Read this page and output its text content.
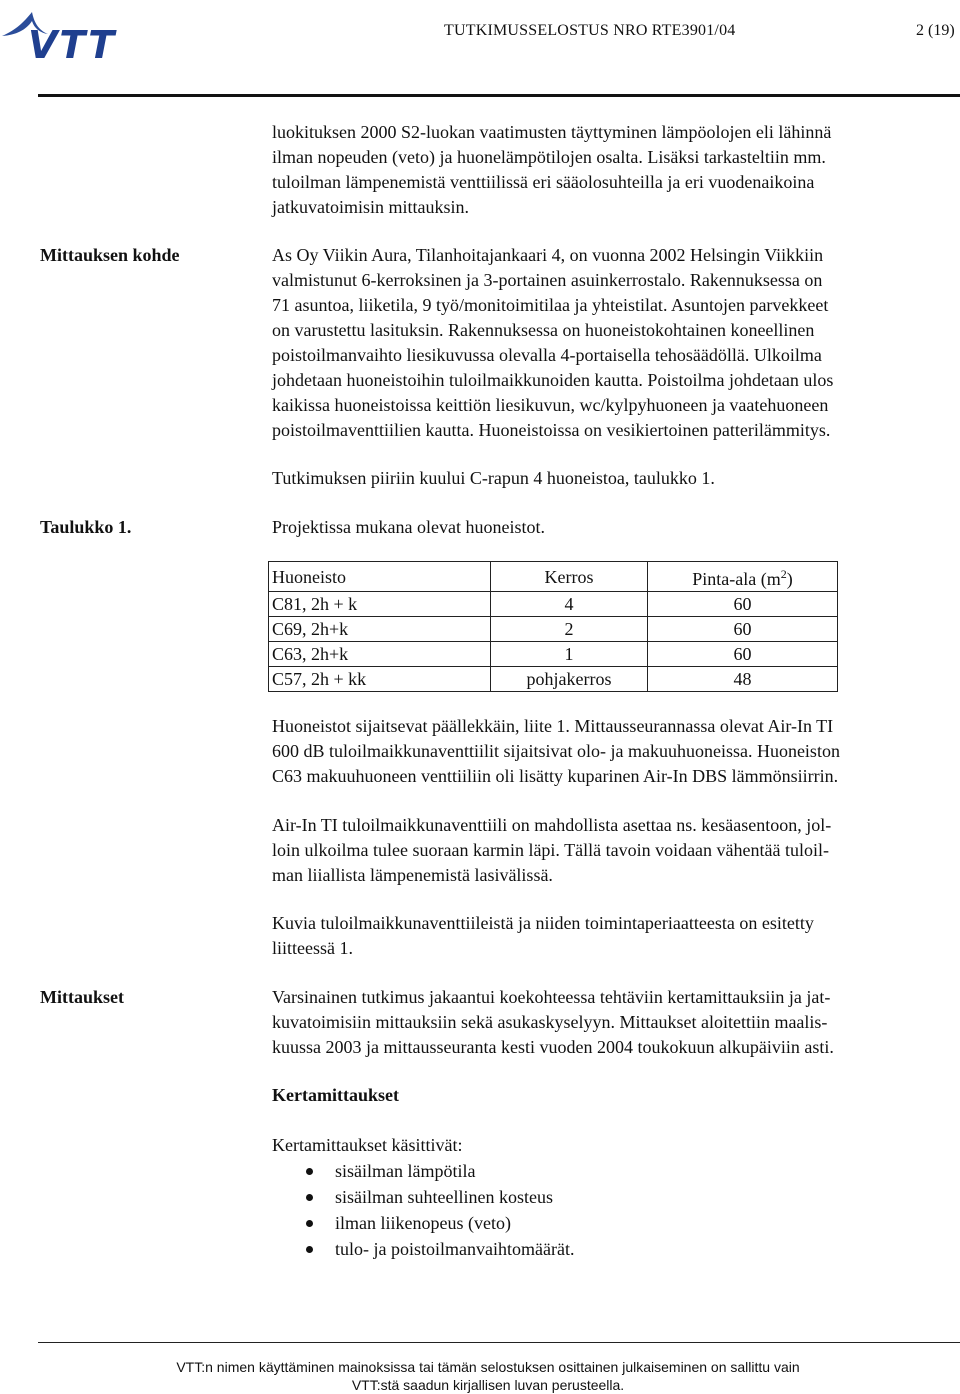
VTT	TUTKIMUSSELOSTUS NRO RTE3901/04	2 (19)
luokituksen 2000 S2-luokan vaatimusten täyttyminen lämpöolojen eli lähinnä
ilman nopeuden (veto) ja huonelämpötilojen osalta. Lisäksi tarkasteltiin mm.
tuloilman lämpenemistä venttiilissä eri sääolosuhteilla ja eri vuodenaikoina
jatkuvatoimisin mittauksin.
Mittauksen kohde	As Oy Viikin Aura, Tilanhoitajankaari 4, on vuonna 2002 Helsingin Viikkiin
valmistunut 6-kerroksinen ja 3-portainen asuinkerrostalo. Rakennuksessa on
71 asuntoa, liiketila, 9 työ/monitoimitilaa ja yhteistilat. Asuntojen parvekkeet
on varustettu lasituksin. Rakennuksessa on huoneistokohtainen koneellinen
poistoilmanvaihto liesikuvussa olevalla 4-portaisella tehosäädöllä. Ulkoilma
johdetaan huoneistoihin tuloilmaikkunoiden kautta. Poistoilma johdetaan ulos
kaikissa huoneistoissa keittiön liesikuvun, wc/kylpyhuoneen ja vaatehuoneen
poistoilmaventtiilien kautta. Huoneistoissa on vesikiertoinen patterilämmitys.
Tutkimuksen piiriin kuului C-rapun 4 huoneistoa, taulukko 1.
Taulukko 1.	Projektissa mukana olevat huoneistot.
Huoneisto	Kerros	Pinta-ala $(m^2)$
C81, 2h + k	4	60
C69, 2h+k	2	60
C63, 2h+k	1	60
C57, 2h + kk	pohjakerros	48
Huoneistot sijaitsevat päällekkäin, liite 1. Mittausseurannassa olevat Air-In TI
600 dB tuloilmaikkunaventtiilit sijaitsivat olo- ja makuuhuoneissa. Huoneiston
C63 makuuhuoneen venttiiliin oli lisätty kuparinen Air-In DBS lämmönsiirrin.
Air-In TI tuloilmaikkunaventtiili on mahdollista asettaa ns. kesäasentoon, jol-
loin ulkoilma tulee suoraan karmin läpi. Tällä tavoin voidaan vähentää tuloil-
man liiallista lämpenemistä lasivälissä.
Kuvia tuloilmaikkunaventtiileistä ja niiden toimintaperiaatteesta on esitetty
liitteessä 1.
Mittaukset	Varsinainen tutkimus jakaantui koekohteessa tehtäviin kertamittauksiin ja jat-
kuvatoimisiin mittauksiin sekä asukaskyselyyn. Mittaukset aloitettiin maalis-
kuussa 2003 ja mittausseuranta kesti vuoden 2004 toukokuun alkupäiviin asti.
Kertamittaukset
Kertamittaukset käsittivät:
sisäilman lämpötila
sisäilman suhteellinen kosteus
ilman liikenopeus (veto)
tulo- ja poistoilmanvaihtomäärät.
VTT:n nimen käyttäminen mainoksissa tai tämän selostuksen osittainen julkaiseminen on sallittu vain
VTT:stä saadun kirjallisen luvan perusteella.
